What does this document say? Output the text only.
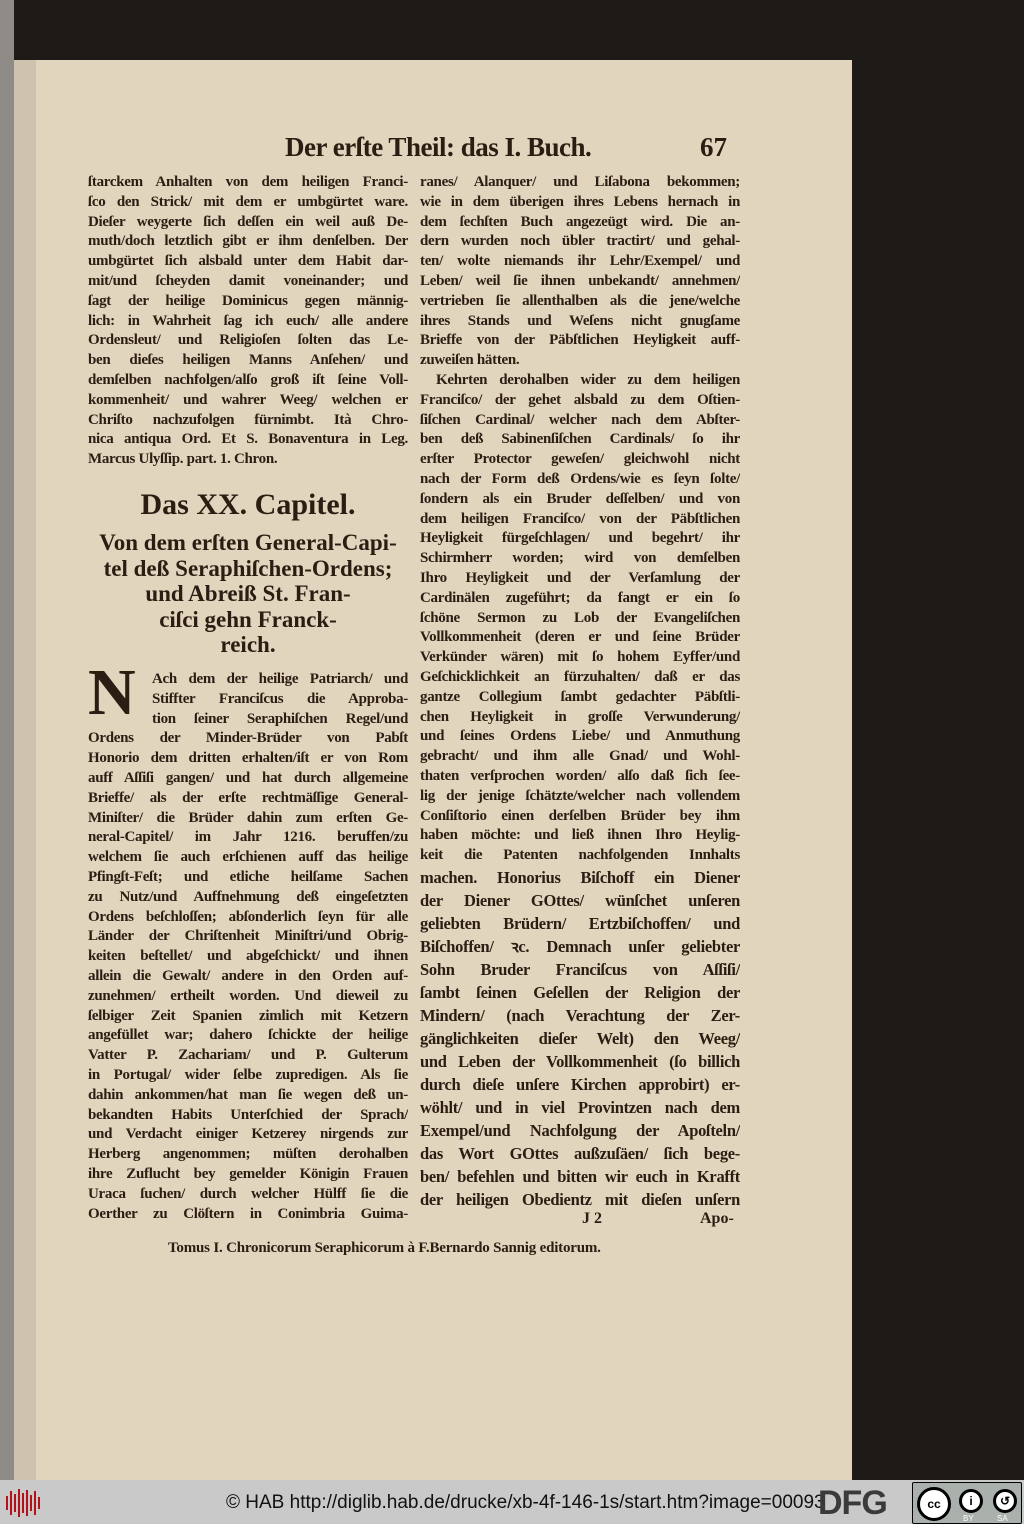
Der erſte Theil: das I. Buch.	67
ſtarckem Anhalten von dem heiligen Franci-
ſco den Strick/ mit dem er umbgürtet ware.
Dieſer weygerte ſich deſſen ein weil auß De-
muth/doch letztlich gibt er ihm denſelben. Der
umbgürtet ſich alsbald unter dem Habit dar-
mit/und ſcheyden damit voneinander; und
ſagt der heilige Dominicus gegen männig-
lich: in Wahrheit ſag ich euch/ alle andere
Ordensleut/ und Religioſen ſolten das Le-
ben dieſes heiligen Manns Anſehen/ und
demſelben nachfolgen/alſo groß iſt ſeine Voll-
kommenheit/ und wahrer Weeg/ welchen er
Chriſto nachzufolgen fürnimbt. Ità Chro-
nica antiqua Ord. Et S. Bonaventura in Leg.
Marcus Ulyſſip. part. 1. Chron.
Das XX. Capitel.
Von dem erſten General-Capi-
tel deß Seraphiſchen-Ordens;
und Abreiß St. Fran-
ciſci gehn Franck-
reich.
N	Ach dem der heilige Patriarch/ und
Stiffter Franciſcus die Approba-
tion ſeiner Seraphiſchen Regel/und
Ordens der Minder-Brüder von Pabſt
Honorio dem dritten erhalten/iſt er von Rom
auff Aſſiſi gangen/ und hat durch allgemeine
Brieffe/ als der erſte rechtmäſſige General-
Miniſter/ die Brüder dahin zum erſten Ge-
neral-Capitel/ im Jahr 1216. beruffen/zu
welchem ſie auch erſchienen auff das heilige
Pfingſt-Feſt; und etliche heilſame Sachen
zu Nutz/und Auffnehmung deß eingeſetzten
Ordens beſchloſſen; abſonderlich ſeyn für alle
Länder der Chriſtenheit Miniſtri/und Obrig-
keiten beſtellet/ und abgeſchickt/ und ihnen
allein die Gewalt/ andere in den Orden auf-
zunehmen/ ertheilt worden. Und dieweil zu
ſelbiger Zeit Spanien zimlich mit Ketzern
angefüllet war; dahero ſchickte der heilige
Vatter P. Zachariam/ und P. Gulterum
in Portugal/ wider ſelbe zupredigen. Als ſie
dahin ankommen/hat man ſie wegen deß un-
bekandten Habits Unterſchied der Sprach/
und Verdacht einiger Ketzerey nirgends zur
Herberg angenommen; müſten derohalben
ihre Zuflucht bey gemelder Königin Frauen
Uraca ſuchen/ durch welcher Hülff ſie die
Oerther zu Clöſtern in Conimbria Guima-
ranes/ Alanquer/ und Liſabona bekommen;
wie in dem überigen ihres Lebens hernach in
dem ſechſten Buch angezeügt wird. Die an-
dern wurden noch übler tractirt/ und gehal-
ten/ wolte niemands ihr Lehr/Exempel/ und
Leben/ weil ſie ihnen unbekandt/ annehmen/
vertrieben ſie allenthalben als die jene/welche
ihres Stands und Weſens nicht gnugſame
Brieffe von der Päbſtlichen Heyligkeit auff-
zuweiſen hätten.
Kehrten derohalben wider zu dem heiligen
Franciſco/ der gehet alsbald zu dem Oſtien-
ſiſchen Cardinal/ welcher nach dem Abſter-
ben deß Sabinenſiſchen Cardinals/ ſo ihr
erſter Protector geweſen/ gleichwohl nicht
nach der Form deß Ordens/wie es ſeyn ſolte/
ſondern als ein Bruder deſſelben/ und von
dem heiligen Franciſco/ von der Päbſtlichen
Heyligkeit fürgeſchlagen/ und begehrt/ ihr
Schirmherr worden; wird von demſelben
Ihro Heyligkeit und der Verſamlung der
Cardinälen zugeführt; da fangt er ein ſo
ſchöne Sermon zu Lob der Evangeliſchen
Vollkommenheit (deren er und ſeine Brüder
Verkünder wären) mit ſo hohem Eyffer/und
Geſchicklichkeit an fürzuhalten/ daß er das
gantze Collegium ſambt gedachter Päbſtli-
chen Heyligkeit in groſſe Verwunderung/
und ſeines Ordens Liebe/ und Anmuthung
gebracht/ und ihm alle Gnad/ und Wohl-
thaten verſprochen worden/ alſo daß ſich ſee-
lig der jenige ſchätzte/welcher nach vollendem
Conſiſtorio einen derſelben Brüder bey ihm
haben möchte: und ließ ihnen Ihro Heylig-
keit die Patenten nachfolgenden Innhalts
machen. Honorius Biſchoff ein Diener
der Diener GOttes/ wünſchet unſeren
geliebten Brüdern/ Ertzbiſchoffen/ und
Biſchoffen/ ꝛc. Demnach unſer geliebter
Sohn Bruder Franciſcus von Aſſiſi/
ſambt ſeinen Geſellen der Religion der
Mindern/ (nach Verachtung der Zer-
gänglichkeiten dieſer Welt) den Weeg/
und Leben der Vollkommenheit (ſo billich
durch dieſe unſere Kirchen approbirt) er-
wöhlt/ und in viel Provintzen nach dem
Exempel/und Nachfolgung der Apoſteln/
das Wort GOttes außzuſäen/ ſich bege-
ben/ befehlen und bitten wir euch in Krafft
der heiligen Obedientz mit dieſen unſern
J 2	Apo-
Tomus I. Chronicorum Seraphicorum à F.Bernardo Sannig editorum.
© HAB http://diglib.hab.de/drucke/xb-4f-146-1s/start.htm?image=00093
DFG	cc	i	↺
BY	SA
